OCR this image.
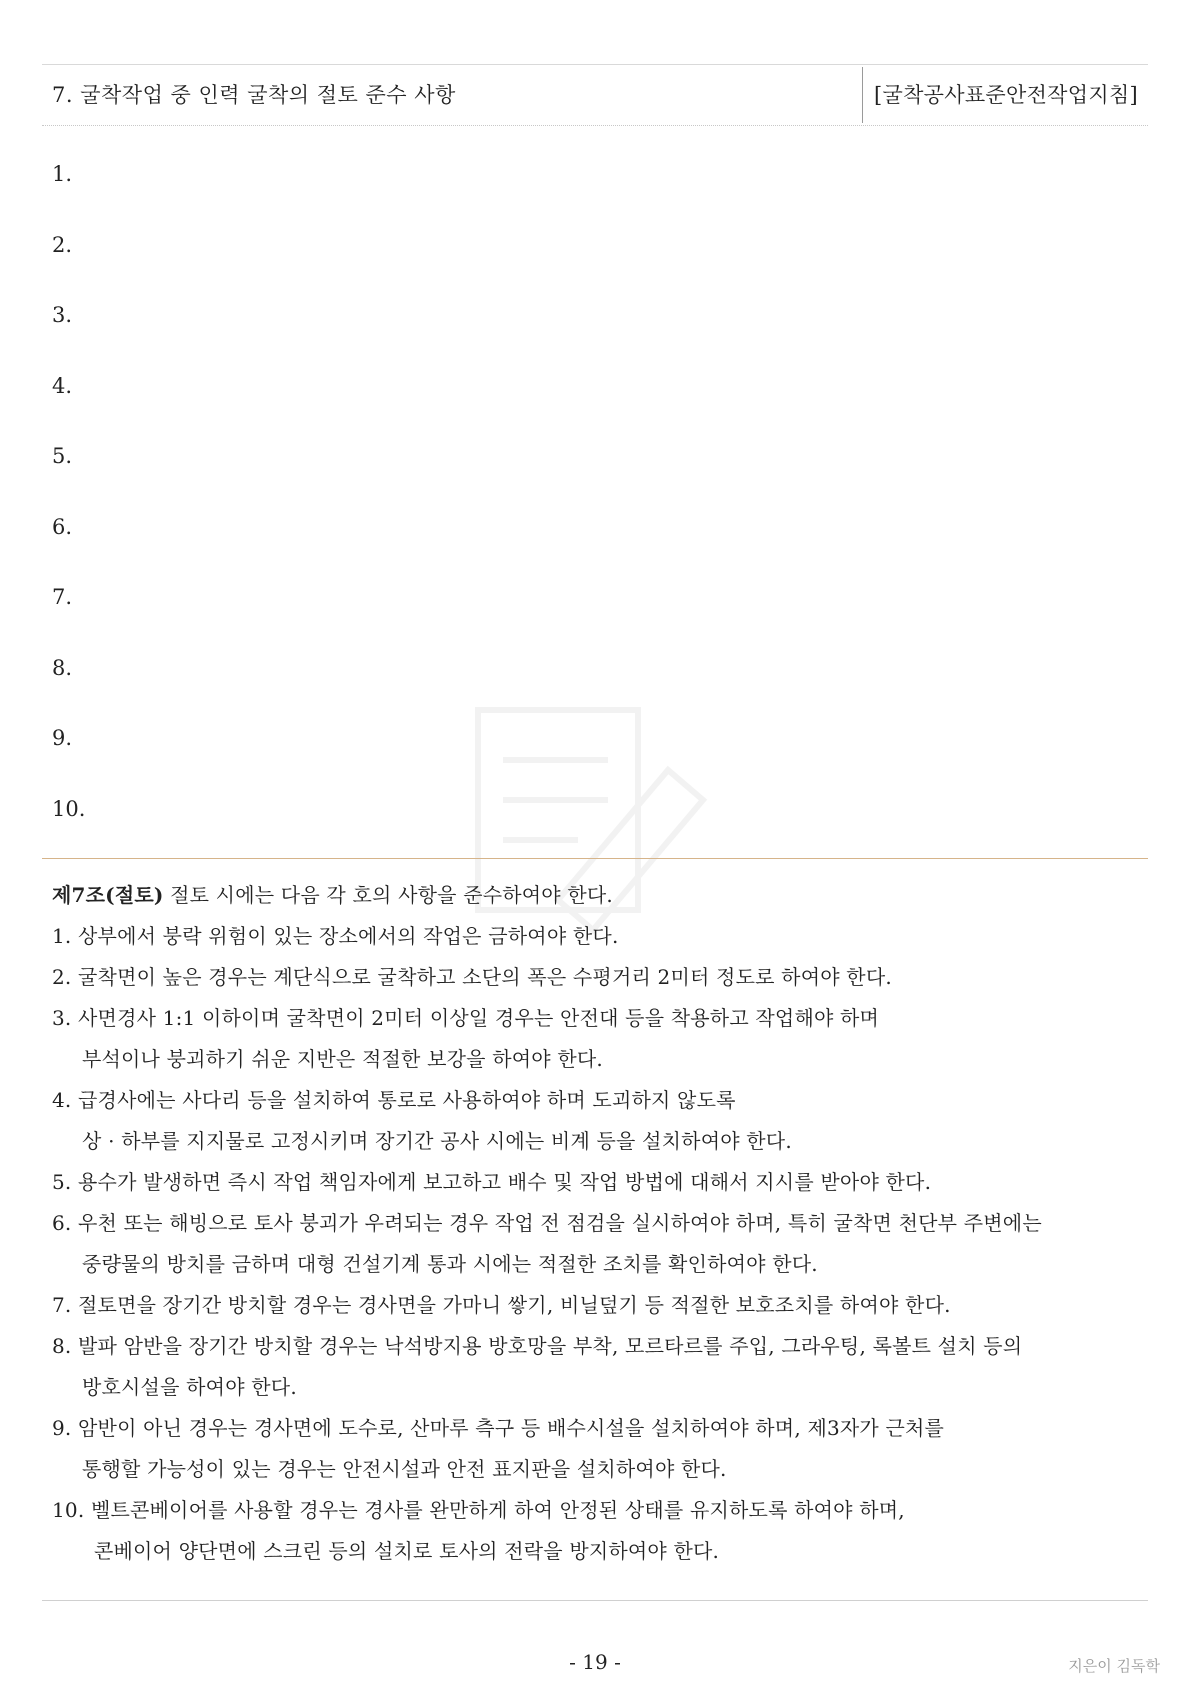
7. 굴착작업 중 인력 굴착의 절토 준수 사항	[굴착공사표준안전작업지침]
1.
2.
3.
4.
5.
6.
7.
8.
9.
10.
제7조(절토) 절토 시에는 다음 각 호의 사항을 준수하여야 한다.
1. 상부에서 붕락 위험이 있는 장소에서의 작업은 금하여야 한다.
2. 굴착면이 높은 경우는 계단식으로 굴착하고 소단의 폭은 수평거리 2미터 정도로 하여야 한다.
3. 사면경사 1:1 이하이며 굴착면이 2미터 이상일 경우는 안전대 등을 착용하고 작업해야 하며
부석이나 붕괴하기 쉬운 지반은 적절한 보강을 하여야 한다.
4. 급경사에는 사다리 등을 설치하여 통로로 사용하여야 하며 도괴하지 않도록
상 · 하부를 지지물로 고정시키며 장기간 공사 시에는 비계 등을 설치하여야 한다.
5. 용수가 발생하면 즉시 작업 책임자에게 보고하고 배수 및 작업 방법에 대해서 지시를 받아야 한다.
6. 우천 또는 해빙으로 토사 붕괴가 우려되는 경우 작업 전 점검을 실시하여야 하며, 특히 굴착면 천단부 주변에는
중량물의 방치를 금하며 대형 건설기계 통과 시에는 적절한 조치를 확인하여야 한다.
7. 절토면을 장기간 방치할 경우는 경사면을 가마니 쌓기, 비닐덮기 등 적절한 보호조치를 하여야 한다.
8. 발파 암반을 장기간 방치할 경우는 낙석방지용 방호망을 부착, 모르타르를 주입, 그라우팅, 록볼트 설치 등의
방호시설을 하여야 한다.
9. 암반이 아닌 경우는 경사면에 도수로, 산마루 측구 등 배수시설을 설치하여야 하며, 제3자가 근처를
통행할 가능성이 있는 경우는 안전시설과 안전 표지판을 설치하여야 한다.
10. 벨트콘베이어를 사용할 경우는 경사를 완만하게 하여 안정된 상태를 유지하도록 하여야 하며,
콘베이어 양단면에 스크린 등의 설치로 토사의 전락을 방지하여야 한다.
- 19 -	지은이 김독학
